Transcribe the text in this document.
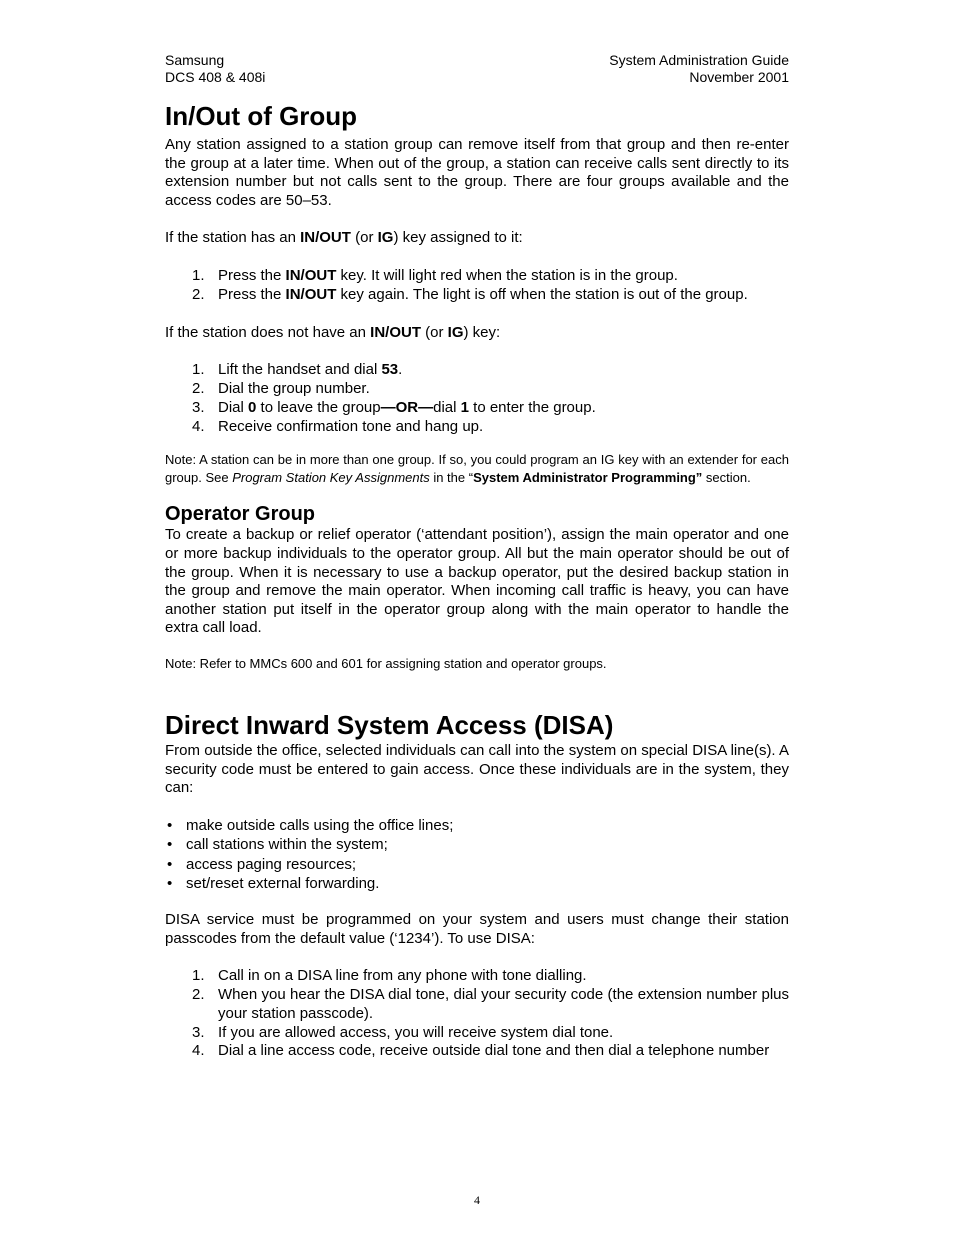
Samsung
DCS 408 & 408i
System Administration Guide
November 2001
In/Out of Group

Any station assigned to a station group can remove itself from that group and then re-enter the group at a later time. When out of the group, a station can receive calls sent directly to its extension number but not calls sent to the group. There are four groups available and the access codes are 50–53.

If the station has an IN/OUT (or IG) key assigned to it:

1. Press the IN/OUT key. It will light red when the station is in the group.
2. Press the IN/OUT key again. The light is off when the station is out of the group.

If the station does not have an IN/OUT (or IG) key:

1. Lift the handset and dial 53.
2. Dial the group number.
3. Dial 0 to leave the group—OR—dial 1 to enter the group.
4. Receive confirmation tone and hang up.

Note: A station can be in more than one group. If so, you could program an IG key with an extender for each group. See Program Station Key Assignments in the “System Administrator Programming” section.

Operator Group

To create a backup or relief operator (‘attendant position’), assign the main operator and one or more backup individuals to the operator group. All but the main operator should be out of the group. When it is necessary to use a backup operator, put the desired backup station in the group and remove the main operator. When incoming call traffic is heavy, you can have another station put itself in the operator group along with the main operator to handle the extra call load.

Note: Refer to MMCs 600 and 601 for assigning station and operator groups.

Direct Inward System Access (DISA)

From outside the office, selected individuals can call into the system on special DISA line(s). A security code must be entered to gain access. Once these individuals are in the system, they can:

• make outside calls using the office lines;
• call stations within the system;
• access paging resources;
• set/reset external forwarding.

DISA service must be programmed on your system and users must change their station passcodes from the default value (‘1234’). To use DISA:

1. Call in on a DISA line from any phone with tone dialling.
2. When you hear the DISA dial tone, dial your security code (the extension number plus your station passcode).
3. If you are allowed access, you will receive system dial tone.
4. Dial a line access code, receive outside dial tone and then dial a telephone number
4
